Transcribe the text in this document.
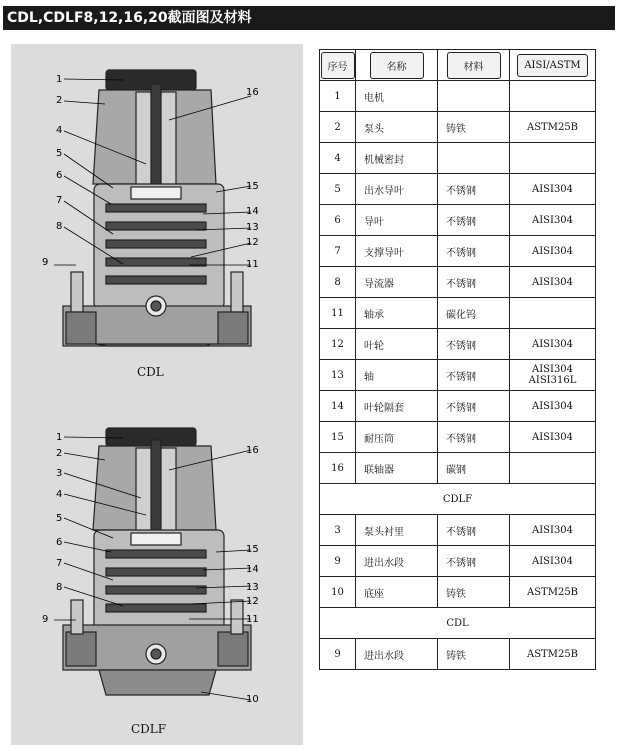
CDL,CDLF8,12,16,20截面图及材料
1
2
16
4
5
15
6
14
7
13
8
12
9	11
CDL
1
2	16
3
4
5
15
6
14
7
13
8
12
9	11
10
CDLF
序号	名称	材料	AISI/ASTM
1	电机		
2	泵头	铸铁	ASTM25B
4	机械密封		
5	出水导叶	不锈钢	AISI304
6	导叶	不锈钢	AISI304
7	支撑导叶	不锈钢	AISI304
8	导流器	不锈钢	AISI304
11	轴承	碳化钨	
12	叶轮	不锈钢	AISI304
13	轴	不锈钢	AISI304
AISI316L
14	叶轮隔套	不锈钢	AISI304
15	耐压筒	不锈钢	AISI304
16	联轴器	碳钢	
CDLF			
3	泵头衬里	不锈钢	AISI304
9	进出水段	不锈钢	AISI304
10	底座	铸铁	ASTM25B
CDL			
9	进出水段	铸铁	ASTM25B
